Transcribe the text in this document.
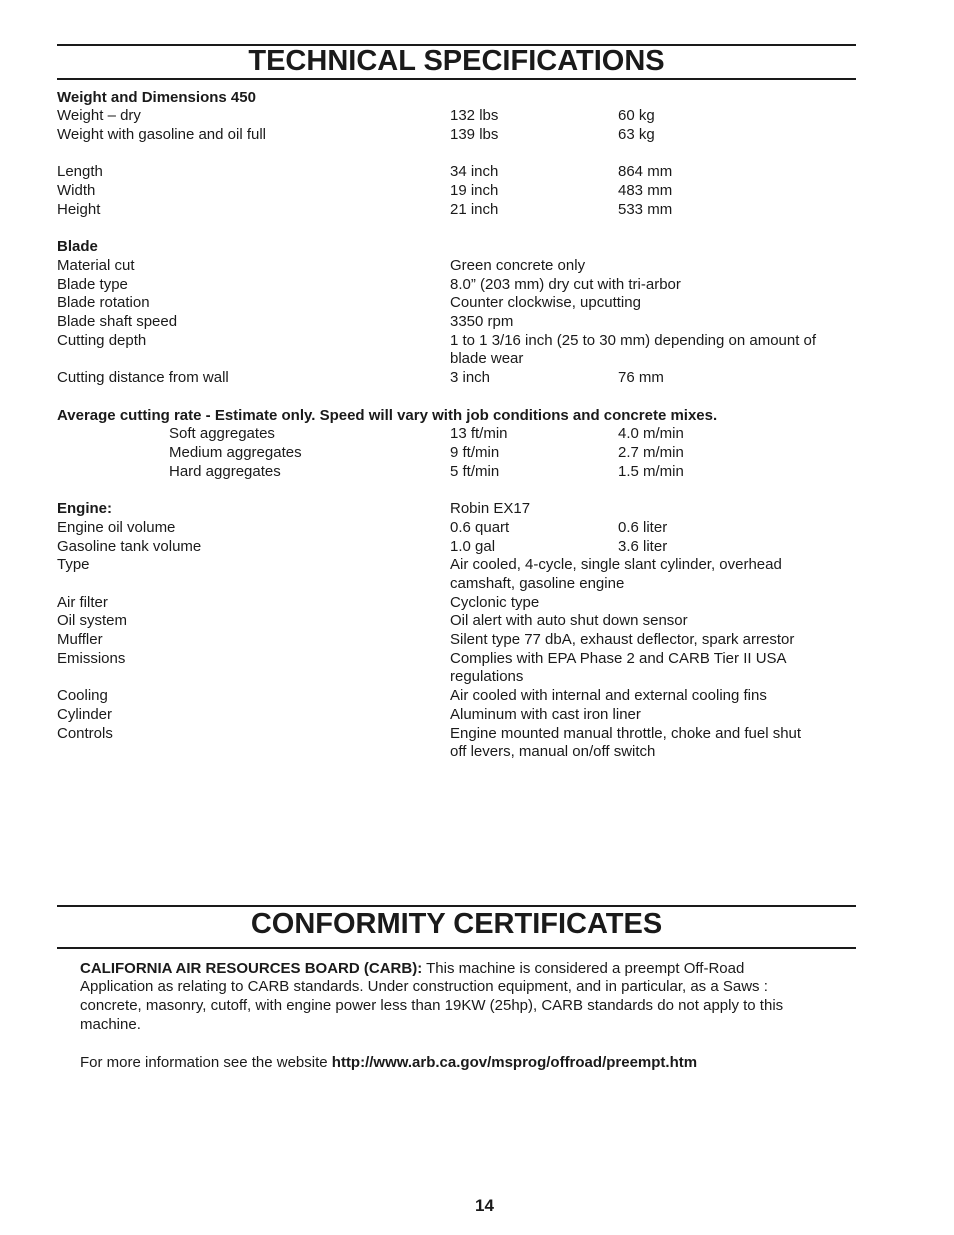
TECHNICAL SPECIFICATIONS
Weight and Dimensions 450
Weight – dry	132 lbs	60 kg
Weight with gasoline and oil full	139 lbs	63 kg
Length	34 inch	864 mm
Width	19 inch	483 mm
Height	21 inch	533 mm
Blade
Material cut	Green concrete only
Blade type	8.0” (203 mm) dry cut with tri-arbor
Blade rotation	Counter clockwise, upcutting
Blade shaft speed	3350 rpm
Cutting depth	1 to 1 3/16 inch (25 to 30 mm) depending on amount of
blade wear
Cutting distance from wall	3 inch	76 mm
Average cutting rate - Estimate only. Speed will vary with job conditions and concrete mixes.
Soft aggregates	13 ft/min	4.0 m/min
Medium aggregates	9 ft/min	2.7 m/min
Hard aggregates	5 ft/min	1.5 m/min
Engine:	Robin EX17
Engine oil volume	0.6 quart	0.6 liter
Gasoline tank volume	1.0 gal	3.6 liter
Type	Air cooled, 4-cycle, single slant cylinder, overhead
camshaft, gasoline engine
Air filter	Cyclonic type
Oil system	Oil alert with auto shut down sensor
Muffler	Silent type 77 dbA, exhaust deflector, spark arrestor
Emissions	Complies with EPA Phase 2 and CARB Tier II USA
regulations
Cooling	Air cooled with internal and external cooling fins
Cylinder	Aluminum with cast iron liner
Controls	Engine mounted manual throttle, choke and fuel shut
off levers, manual on/off switch
CONFORMITY CERTIFICATES
CALIFORNIA AIR RESOURCES BOARD (CARB): This machine is considered a preempt Off-Road
Application as relating to CARB standards. Under construction equipment, and in particular, as a Saws :
concrete, masonry, cutoff, with engine power less than 19KW (25hp), CARB standards do not apply to this
machine.
For more information see the website http://www.arb.ca.gov/msprog/offroad/preempt.htm
14
